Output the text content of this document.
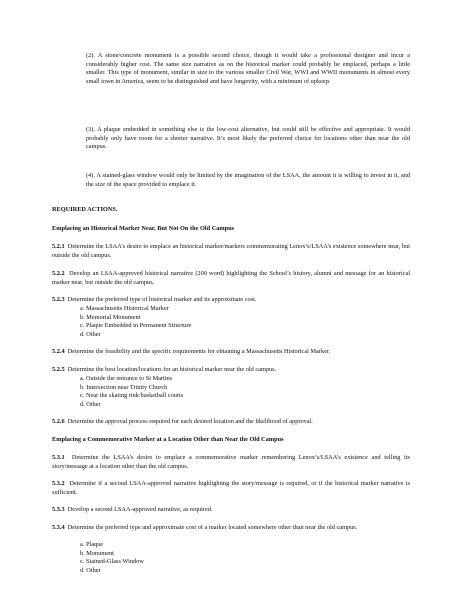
(2). A stone/concrete monument is a possible second choice, though it would take a professional designer and incur a considerably higher cost. The same size narrative as on the historical marker could probably be emplaced, perhaps a little smaller. This type of monument, similar in size to the various smaller Civil War, WWI and WWII monuments in almost every small town in America, seem to be distinguished and have longevity, with a minimum of upkeep.
(3). A plaque embedded in something else is the low-cost alternative, but could still be effective and appropriate. It would probably only have room for a shorter narrative. It’s most likely the preferred choice for locations other than near the old campus.
(4). A stained-glass window would only be limited by the imagination of the LSAA, the amount it is willing to invest in it, and the size of the space provided to emplace it.
REQUIRED ACTIONS.
Emplacing an Historical Marker Near, But Not On the Old Campus
5.2.1 Determine the LSAA’s desire to emplace an historical marker/markers commemorating Lenox’s/LSAA’s existence somewhere near, but outside the old campus.
5.2.2 Develop an LSAA-approved historical narrative (200 word) highlighting the School’s history, alumni and message for an historical marker near, but outside the old campus.
5.2.3 Determine the preferred type of historical marker and its approximate cost.
a. Massachusetts Historical Marker
b. Memorial Monument
c. Plaque Embedded in Permanent Structure
d. Other
5.2.4 Determine the feasibility and the specific requirements for obtaining a Massachusetts Historical Marker.
5.2.5 Determine the best location/locations for an historical marker near the old campus.
a. Outside the entrance to St Martins
b. Intersection near Trinity Church
c. Near the skating rink/basketball courts
d. Other
5.2.6 Determine the approval process required for each desired location and the likelihood of approval.
Emplacing a Commemorative Marker at a Location Other than Near the Old Campus
5.3.1 Determine the LSAA’s desire to emplace a commemorative marker remembering Lenox’s/LSAA’s existence and telling its story/message at a location other than the old campus.
5.3.2 Determine if a second LSAA-approved narrative highlighting the story/message is required, or if the historical marker narrative is sufficient.
5.3.3 Develop a second LSAA-approved narrative, as required.
5.3.4 Determine the preferred type and approximate cost of a marker located somewhere other than near the old campus.
a. Plaque
b. Monument
c. Stained-Glass Window
d. Other
